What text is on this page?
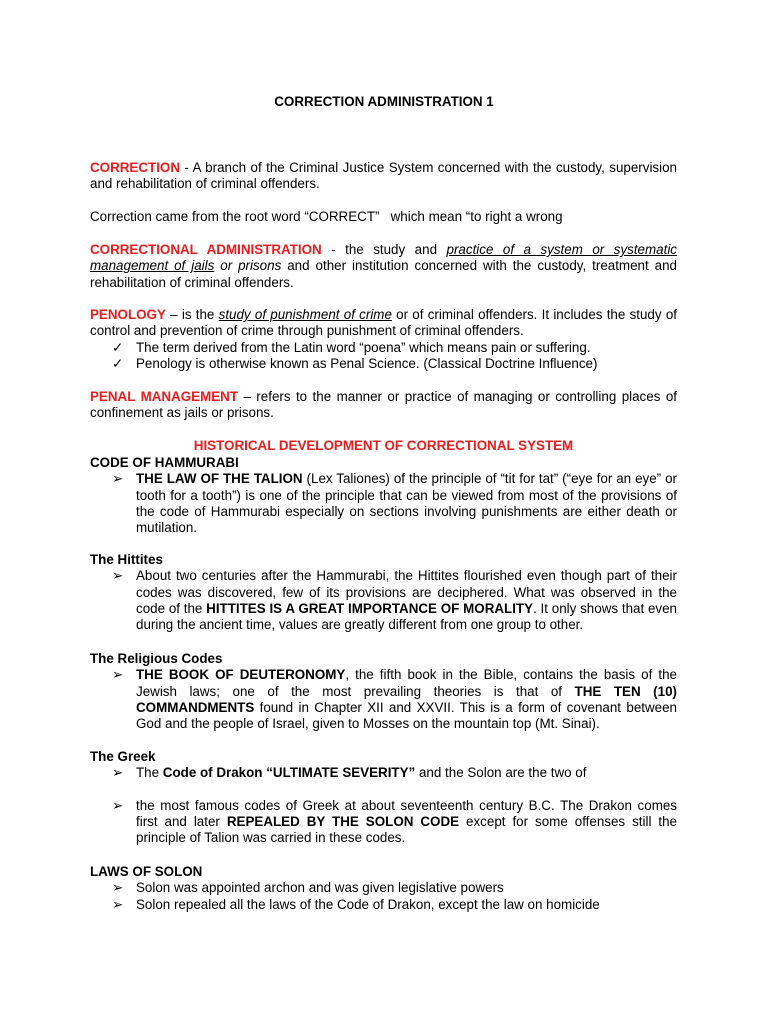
CORRECTION ADMINISTRATION 1
CORRECTION - A branch of the Criminal Justice System concerned with the custody, supervision and rehabilitation of criminal offenders.
Correction came from the root word “CORRECT”   which mean “to right a wrong
CORRECTIONAL ADMINISTRATION - the study and practice of a system or systematic management of jails or prisons and other institution concerned with the custody, treatment and rehabilitation of criminal offenders.
PENOLOGY – is the study of punishment of crime or of criminal offenders. It includes the study of control and prevention of crime through punishment of criminal offenders.
✓ The term derived from the Latin word “poena” which means pain or suffering.
✓ Penology is otherwise known as Penal Science. (Classical Doctrine Influence)
PENAL MANAGEMENT – refers to the manner or practice of managing or controlling places of confinement as jails or prisons.
HISTORICAL DEVELOPMENT OF CORRECTIONAL SYSTEM
CODE OF HAMMURABI
➢ THE LAW OF THE TALION (Lex Taliones) of the principle of “tit for tat” (“eye for an eye” or tooth for a tooth”) is one of the principle that can be viewed from most of the provisions of the code of Hammurabi especially on sections involving punishments are either death or mutilation.
The Hittites
➢ About two centuries after the Hammurabi, the Hittites flourished even though part of their codes was discovered, few of its provisions are deciphered. What was observed in the code of the HITTITES IS A GREAT IMPORTANCE OF MORALITY. It only shows that even during the ancient time, values are greatly different from one group to other.
The Religious Codes
➢ THE BOOK OF DEUTERONOMY, the fifth book in the Bible, contains the basis of the Jewish laws; one of the most prevailing theories is that of THE TEN (10) COMMANDMENTS found in Chapter XII and XXVII. This is a form of covenant between God and the people of Israel, given to Mosses on the mountain top (Mt. Sinai).
The Greek
➢ The Code of Drakon “ULTIMATE SEVERITY” and the Solon are the two of
➢ the most famous codes of Greek at about seventeenth century B.C. The Drakon comes first and later REPEALED BY THE SOLON CODE except for some offenses still the principle of Talion was carried in these codes.
LAWS OF SOLON
➢ Solon was appointed archon and was given legislative powers
➢ Solon repealed all the laws of the Code of Drakon, except the law on homicide
